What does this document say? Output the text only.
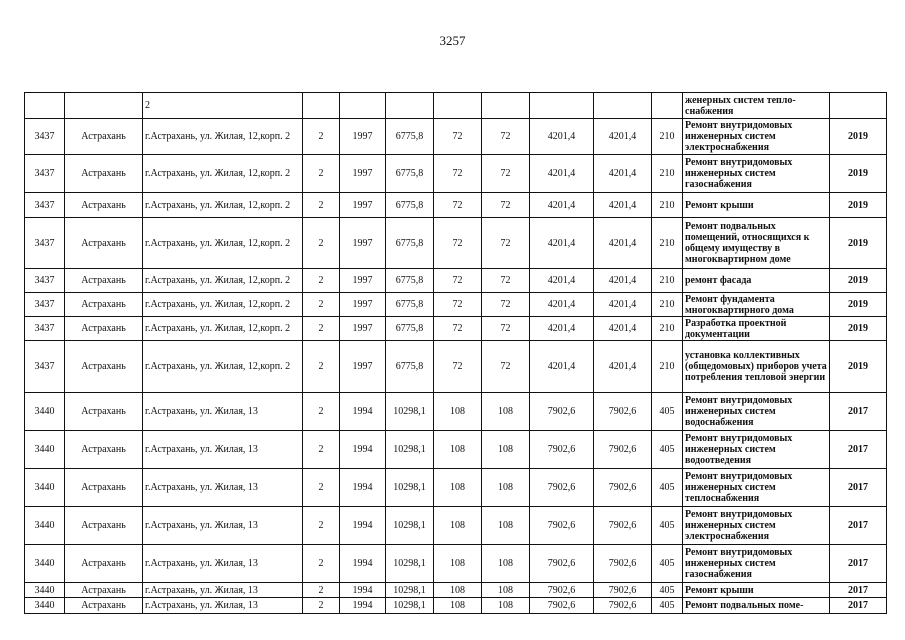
3257
		2									женерных систем тепло-
снабжения	
3437	Астрахань	г.Астрахань, ул. Жилая, 12,корп. 2	2	1997	6775,8	72	72	4201,4	4201,4	210	Ремонт внутридомовых инженерных систем электроснабжения	2019
3437	Астрахань	г.Астрахань, ул. Жилая, 12,корп. 2	2	1997	6775,8	72	72	4201,4	4201,4	210	Ремонт внутридомовых инженерных систем газоснабжения	2019
3437	Астрахань	г.Астрахань, ул. Жилая, 12,корп. 2	2	1997	6775,8	72	72	4201,4	4201,4	210	Ремонт крыши	2019
3437	Астрахань	г.Астрахань, ул. Жилая, 12,корп. 2	2	1997	6775,8	72	72	4201,4	4201,4	210	Ремонт подвальных помещений, относящихся к общему имуществу в многоквартирном доме	2019
3437	Астрахань	г.Астрахань, ул. Жилая, 12,корп. 2	2	1997	6775,8	72	72	4201,4	4201,4	210	ремонт фасада	2019
3437	Астрахань	г.Астрахань, ул. Жилая, 12,корп. 2	2	1997	6775,8	72	72	4201,4	4201,4	210	Ремонт фундамента многоквартирного дома	2019
3437	Астрахань	г.Астрахань, ул. Жилая, 12,корп. 2	2	1997	6775,8	72	72	4201,4	4201,4	210	Разработка проектной документации	2019
3437	Астрахань	г.Астрахань, ул. Жилая, 12,корп. 2	2	1997	6775,8	72	72	4201,4	4201,4	210	установка коллективных (общедомовых) приборов учета потребления тепловой энергии	2019
3440	Астрахань	г.Астрахань, ул. Жилая, 13	2	1994	10298,1	108	108	7902,6	7902,6	405	Ремонт внутридомовых инженерных систем водоснабжения	2017
3440	Астрахань	г.Астрахань, ул. Жилая, 13	2	1994	10298,1	108	108	7902,6	7902,6	405	Ремонт внутридомовых инженерных систем водоотведения	2017
3440	Астрахань	г.Астрахань, ул. Жилая, 13	2	1994	10298,1	108	108	7902,6	7902,6	405	Ремонт внутридомовых инженерных систем теплоснабжения	2017
3440	Астрахань	г.Астрахань, ул. Жилая, 13	2	1994	10298,1	108	108	7902,6	7902,6	405	Ремонт внутридомовых инженерных систем электроснабжения	2017
3440	Астрахань	г.Астрахань, ул. Жилая, 13	2	1994	10298,1	108	108	7902,6	7902,6	405	Ремонт внутридомовых инженерных систем газоснабжения	2017
3440	Астрахань	г.Астрахань, ул. Жилая, 13	2	1994	10298,1	108	108	7902,6	7902,6	405	Ремонт крыши	2017
3440	Астрахань	г.Астрахань, ул. Жилая, 13	2	1994	10298,1	108	108	7902,6	7902,6	405	Ремонт подвальных поме-	2017
